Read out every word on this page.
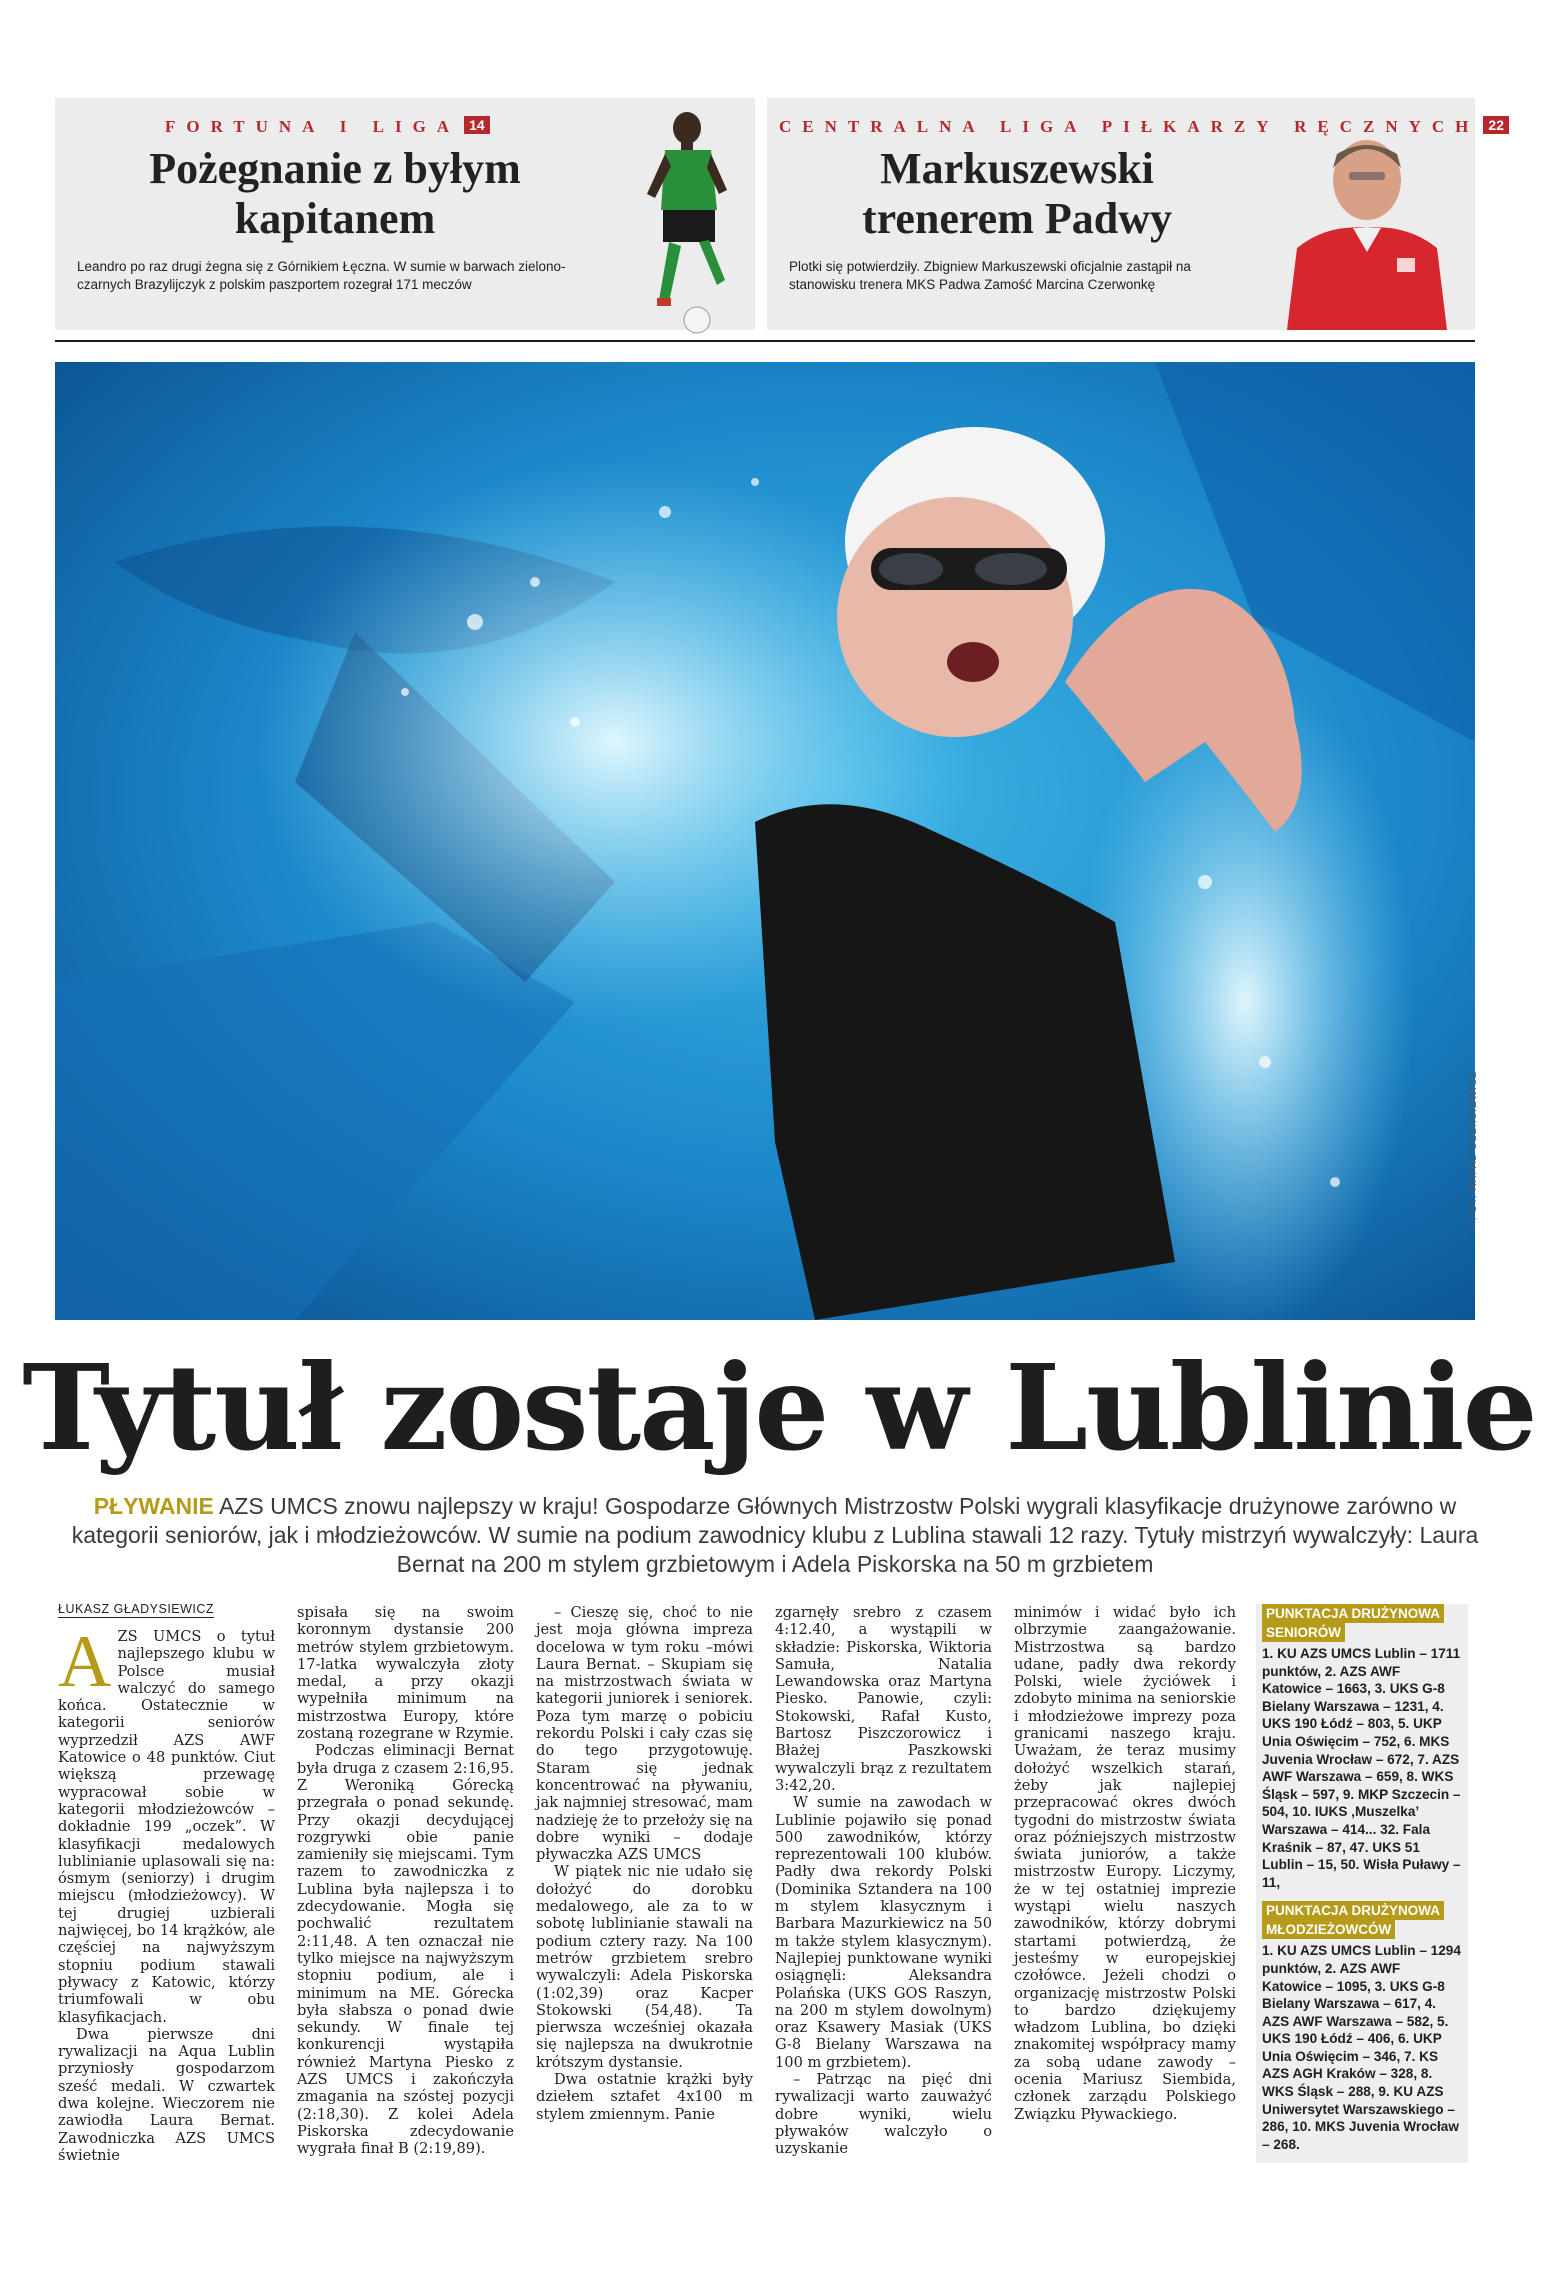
FORTUNA I LIGA 14
Pożegnanie z byłym kapitanem
Leandro po raz drugi żegna się z Górnikiem Łęczna. W sumie w barwach zielono-czarnych Brazylijczyk z polskim paszportem rozegrał 171 meczów
CENTRALNA LIGA PIŁKARZY RĘCZNYCH 22
Markuszewski trenerem Padwy
Plotki się potwierdziły. Zbigniew Markuszewski oficjalnie zastąpił na stanowisku trenera MKS Padwa Zamość Marcina Czerwonkę
FOT. RAFAŁ OLEKSIEWICZ
Tytuł zostaje w Lublinie
PŁYWANIE AZS UMCS znowu najlepszy w kraju! Gospodarze Głównych Mistrzostw Polski wygrali klasyfikacje drużynowe zarówno w kategorii seniorów, jak i młodzieżowców. W sumie na podium zawodnicy klubu z Lublina stawali 12 razy. Tytuły mistrzyń wywalczyły: Laura Bernat na 200 m stylem grzbietowym i Adela Piskorska na 50 m grzbietem
ŁUKASZ GŁADYSIEWICZ
A ZS UMCS o tytuł najlepszego klubu w Polsce musiał walczyć do samego końca. Ostatecznie w kategorii seniorów wyprzedził AZS AWF Katowice o 48 punktów. Ciut większą przewagę wypracował sobie w kategorii młodzieżowców – dokładnie 199 „oczek”. W klasyfikacji medalowych lublinianie uplasowali się na: ósmym (seniorzy) i drugim miejscu (młodzieżowcy). W tej drugiej uzbierali najwięcej, bo 14 krążków, ale częściej na najwyższym stopniu podium stawali pływacy z Katowic, którzy triumfowali w obu klasyfikacjach.

Dwa pierwsze dni rywalizacji na Aqua Lublin przyniosły gospodarzom sześć medali. W czwartek dwa kolejne. Wieczorem nie zawiodła Laura Bernat. Zawodniczka AZS UMCS świetnie

spisała się na swoim koronnym dystansie 200 metrów stylem grzbietowym. 17-latka wywalczyła złoty medal, a przy okazji wypełniła minimum na mistrzostwa Europy, które zostaną rozegrane w Rzymie.

Podczas eliminacji Bernat była druga z czasem 2:16,95. Z Weroniką Górecką przegrała o ponad sekundę. Przy okazji decydującej rozgrywki obie panie zamieniły się miejscami. Tym razem to zawodniczka z Lublina była najlepsza i to zdecydowanie. Mogła się pochwalić rezultatem 2:11,48. A ten oznaczał nie tylko miejsce na najwyższym stopniu podium, ale i minimum na ME. Górecka była słabsza o ponad dwie sekundy. W finale tej konkurencji wystąpiła również Martyna Piesko z AZS UMCS i zakończyła zmagania na szóstej pozycji (2:18,30). Z kolei Adela Piskorska zdecydowanie wygrała finał B (2:19,89).

– Cieszę się, choć to nie jest moja główna impreza docelowa w tym roku –mówi Laura Bernat. – Skupiam się na mistrzostwach świata w kategorii juniorek i seniorek. Poza tym marzę o pobiciu rekordu Polski i cały czas się do tego przygotowuję. Staram się jednak koncentrować na pływaniu, jak najmniej stresować, mam nadzieję że to przełoży się na dobre wyniki – dodaje pływaczka AZS UMCS

W piątek nic nie udało się dołożyć do dorobku medalowego, ale za to w sobotę lublinianie stawali na podium cztery razy. Na 100 metrów grzbietem srebro wywalczyli: Adela Piskorska (1:02,39) oraz Kacper Stokowski (54,48). Ta pierwsza wcześniej okazała się najlepsza na dwukrotnie krótszym dystansie.

Dwa ostatnie krążki były dziełem sztafet 4x100 m stylem zmiennym. Panie

zgarnęły srebro z czasem 4:12.40, a wystąpili w składzie: Piskorska, Wiktoria Samuła, Natalia Lewandowska oraz Martyna Piesko. Panowie, czyli: Stokowski, Rafał Kusto, Bartosz Piszczorowicz i Błażej Paszkowski wywalczyli brąz z rezultatem 3:42,20.

W sumie na zawodach w Lublinie pojawiło się ponad 500 zawodników, którzy reprezentowali 100 klubów. Padły dwa rekordy Polski (Dominika Sztandera na 100 m stylem klasycznym i Barbara Mazurkiewicz na 50 m także stylem klasycznym). Najlepiej punktowane wyniki osiągnęli: Aleksandra Polańska (UKS GOS Raszyn, na 200 m stylem dowolnym) oraz Ksawery Masiak (UKS G-8 Bielany Warszawa na 100 m grzbietem).

– Patrząc na pięć dni rywalizacji warto zauważyć dobre wyniki, wielu pływaków walczyło o uzyskanie

minimów i widać było ich olbrzymie zaangażowanie. Mistrzostwa są bardzo udane, padły dwa rekordy Polski, wiele życiówek i zdobyto minima na seniorskie i młodzieżowe imprezy poza granicami naszego kraju. Uważam, że teraz musimy dołożyć wszelkich starań, żeby jak najlepiej przepracować okres dwóch tygodni do mistrzostw świata oraz późniejszych mistrzostw świata juniorów, a także mistrzostw Europy. Liczymy, że w tej ostatniej imprezie wystąpi wielu naszych zawodników, którzy dobrymi startami potwierdzą, że jesteśmy w europejskiej czołówce. Jeżeli chodzi o organizację mistrzostw Polski to bardzo dziękujemy władzom Lublina, bo dzięki znakomitej współpracy mamy za sobą udane zawody – ocenia Mariusz Siembida, członek zarządu Polskiego Związku Pływackiego.

PUNKTACJA DRUŻYNOWA
SENIORÓW
1. KU AZS UMCS Lublin – 1711 punktów, 2. AZS AWF Katowice – 1663, 3. UKS G-8 Bielany Warszawa – 1231, 4. UKS 190 Łódź – 803, 5. UKP Unia Oświęcim – 752, 6. MKS Juvenia Wrocław – 672, 7. AZS AWF Warszawa – 659, 8. WKS Śląsk – 597, 9. MKP Szczecin – 504, 10. IUKS ‚Muszelka’ Warszawa – 414... 32. Fala Kraśnik – 87, 47. UKS 51 Lublin – 15, 50. Wisła Puławy – 11,
PUNKTACJA DRUŻYNOWA
MŁODZIEŻOWCÓW
1. KU AZS UMCS Lublin – 1294 punktów, 2. AZS AWF Katowice – 1095, 3. UKS G-8 Bielany Warszawa – 617, 4. AZS AWF Warszawa – 582, 5. UKS 190 Łódź – 406, 6. UKP Unia Oświęcim – 346, 7. KS AZS AGH Kraków – 328, 8. WKS Śląsk – 288, 9. KU AZS Uniwersytet Warszawskiego – 286, 10. MKS Juvenia Wrocław – 268.
